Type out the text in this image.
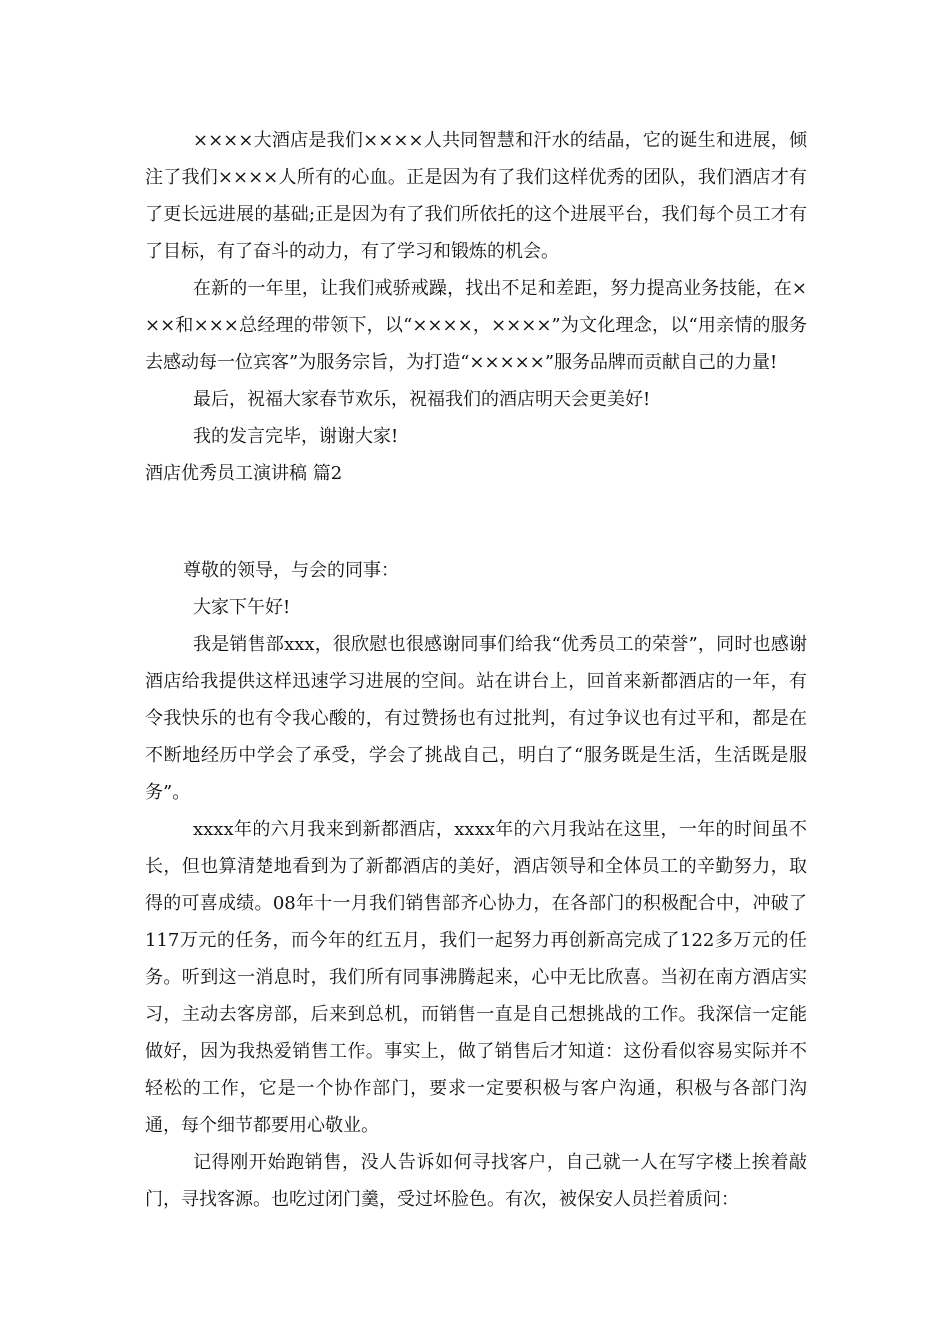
××××大酒店是我们××××人共同智慧和汗水的结晶，它的诞生和进展，倾注了我们××××人所有的心血。正是因为有了我们这样优秀的团队，我们酒店才有了更长远进展的基础;正是因为有了我们所依托的这个进展平台，我们每个员工才有了目标，有了奋斗的动力，有了学习和锻炼的机会。

在新的一年里，让我们戒骄戒躁，找出不足和差距，努力提高业务技能，在×××和×××总经理的带领下，以“××××，××××”为文化理念，以“用亲情的服务去感动每一位宾客”为服务宗旨，为打造“×××××”服务品牌而贡献自己的力量!

最后，祝福大家春节欢乐，祝福我们的酒店明天会更美好!

我的发言完毕，谢谢大家!

酒店优秀员工演讲稿 篇2

尊敬的领导，与会的同事：

大家下午好!

我是销售部xxx，很欣慰也很感谢同事们给我“优秀员工的荣誉”，同时也感谢酒店给我提供这样迅速学习进展的空间。站在讲台上，回首来新都酒店的一年，有令我快乐的也有令我心酸的，有过赞扬也有过批判，有过争议也有过平和，都是在不断地经历中学会了承受，学会了挑战自己，明白了“服务既是生活，生活既是服务”。

xxxx年的六月我来到新都酒店，xxxx年的六月我站在这里，一年的时间虽不长，但也算清楚地看到为了新都酒店的美好，酒店领导和全体员工的辛勤努力，取得的可喜成绩。08年十一月我们销售部齐心协力，在各部门的积极配合中，冲破了117万元的任务，而今年的红五月，我们一起努力再创新高完成了122多万元的任务。听到这一消息时，我们所有同事沸腾起来，心中无比欣喜。当初在南方酒店实习，主动去客房部，后来到总机，而销售一直是自己想挑战的工作。我深信一定能做好，因为我热爱销售工作。事实上，做了销售后才知道：这份看似容易实际并不轻松的工作，它是一个协作部门，要求一定要积极与客户沟通，积极与各部门沟通，每个细节都要用心敬业。

记得刚开始跑销售，没人告诉如何寻找客户，自己就一人在写字楼上挨着敲门，寻找客源。也吃过闭门羹，受过坏脸色。有次，被保安人员拦着质问：
